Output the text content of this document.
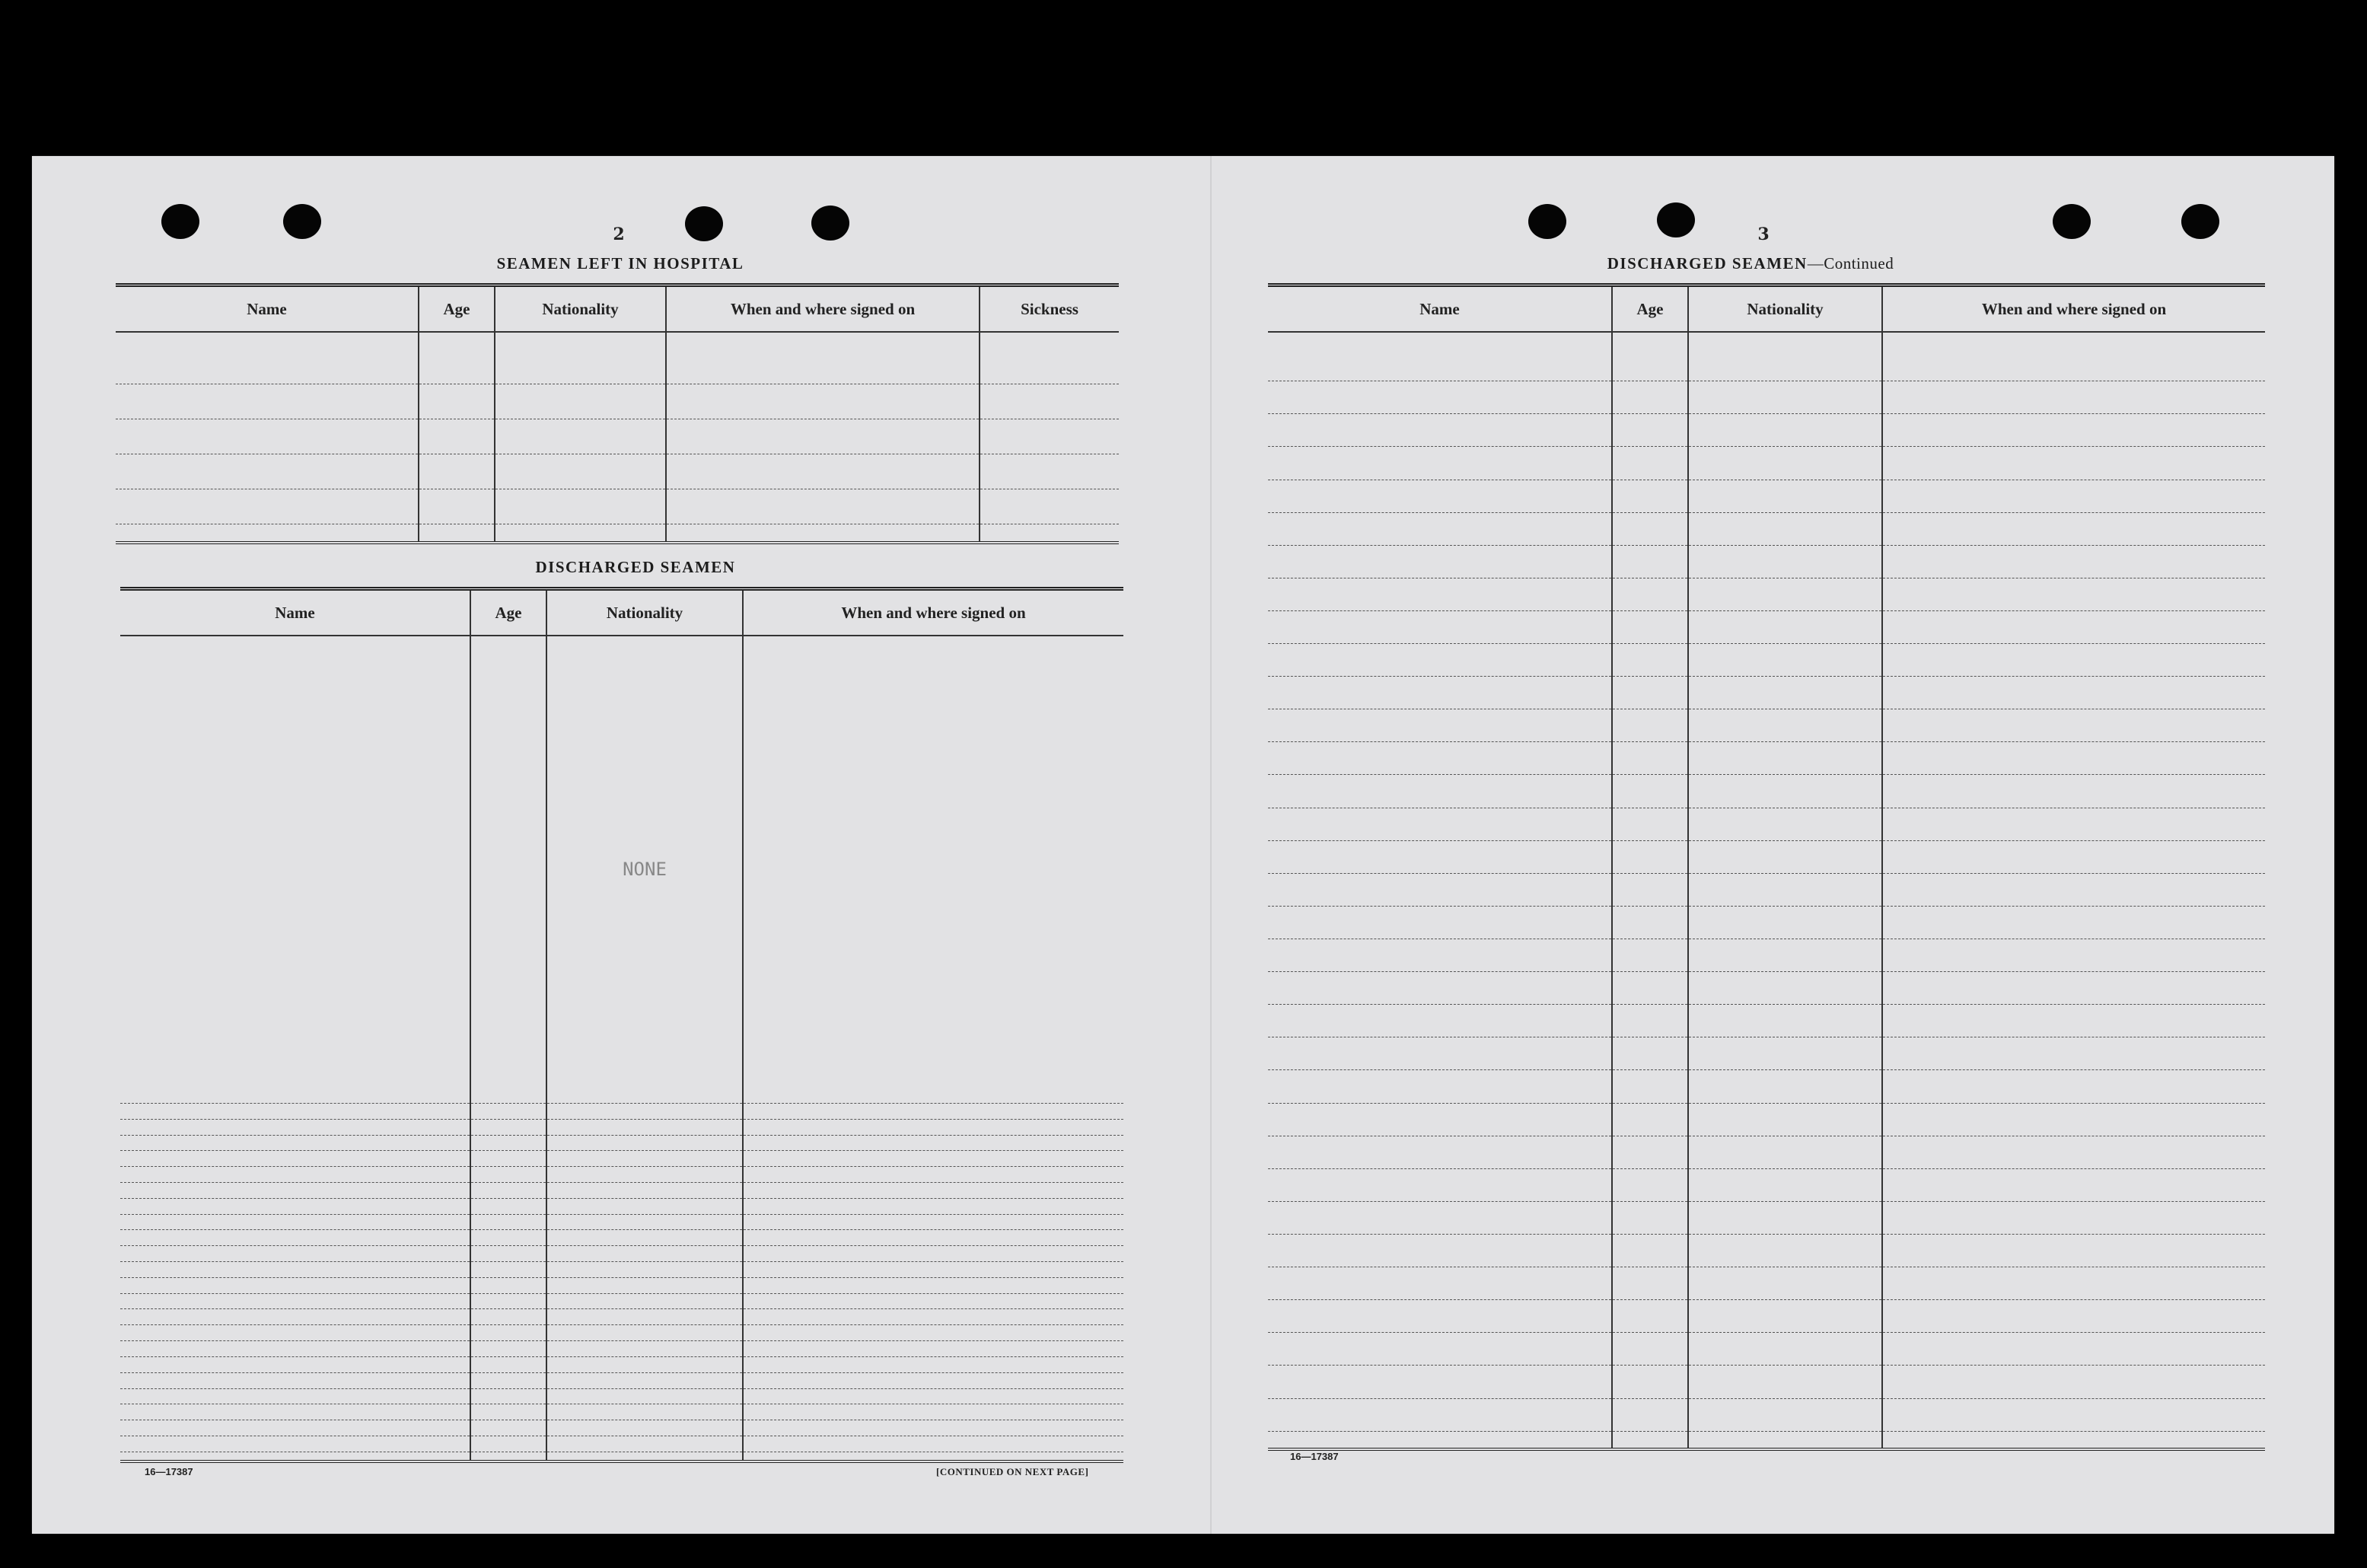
2
SEAMEN LEFT IN HOSPITAL
Name	Age	Nationality	When and where signed on	Sickness

DISCHARGED SEAMEN
Name	Age	Nationality	When and where signed on
		NONE	

16—17387	[CONTINUED ON NEXT PAGE]
3
DISCHARGED SEAMEN—Continued
Name	Age	Nationality	When and where signed on

16—17387
